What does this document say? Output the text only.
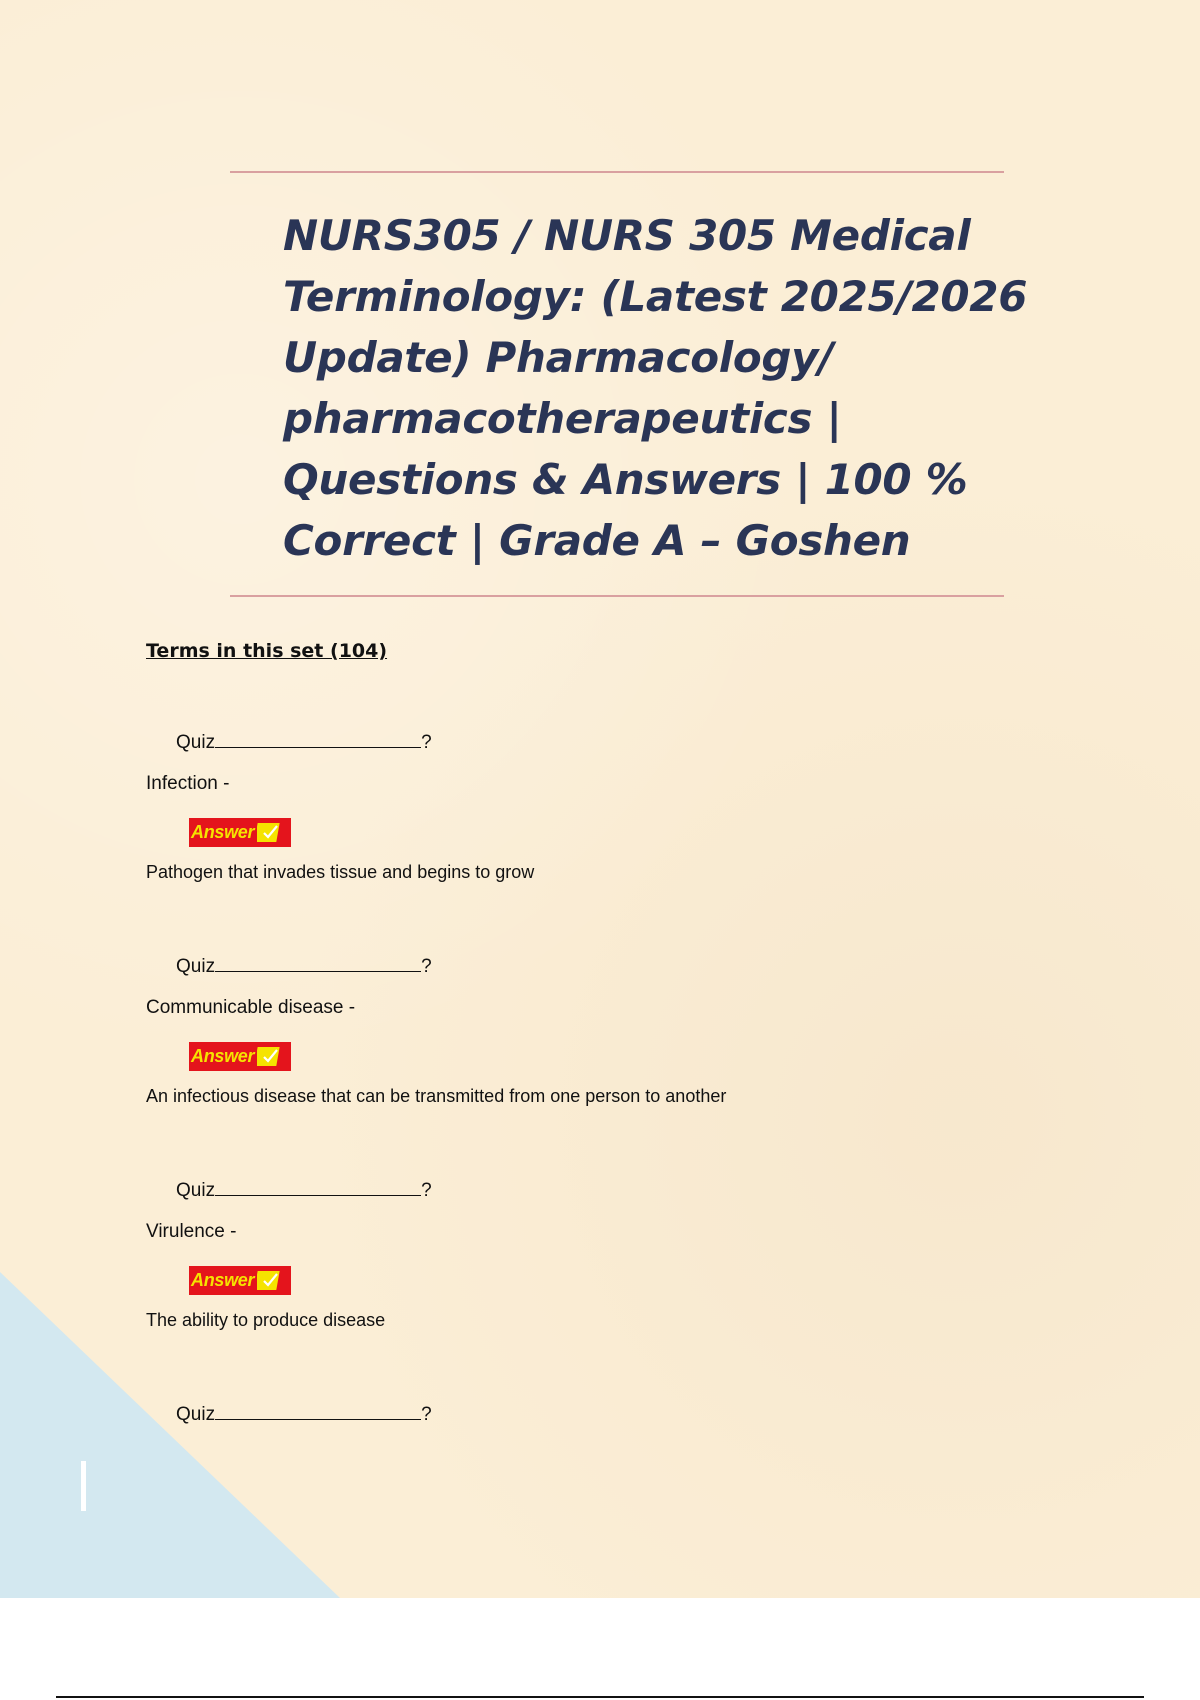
NURS305 / NURS 305 Medical Terminology: (Latest 2025/2026 Update) Pharmacology/ pharmacotherapeutics | Questions & Answers | 100 % Correct | Grade A – Goshen
Terms in this set (104)
Quiz	?
Infection -
Answer
Pathogen that invades tissue and begins to grow
Quiz	?
Communicable disease -
Answer
An infectious disease that can be transmitted from one person to another
Quiz	?
Virulence -
Answer
The ability to produce disease
Quiz	?
